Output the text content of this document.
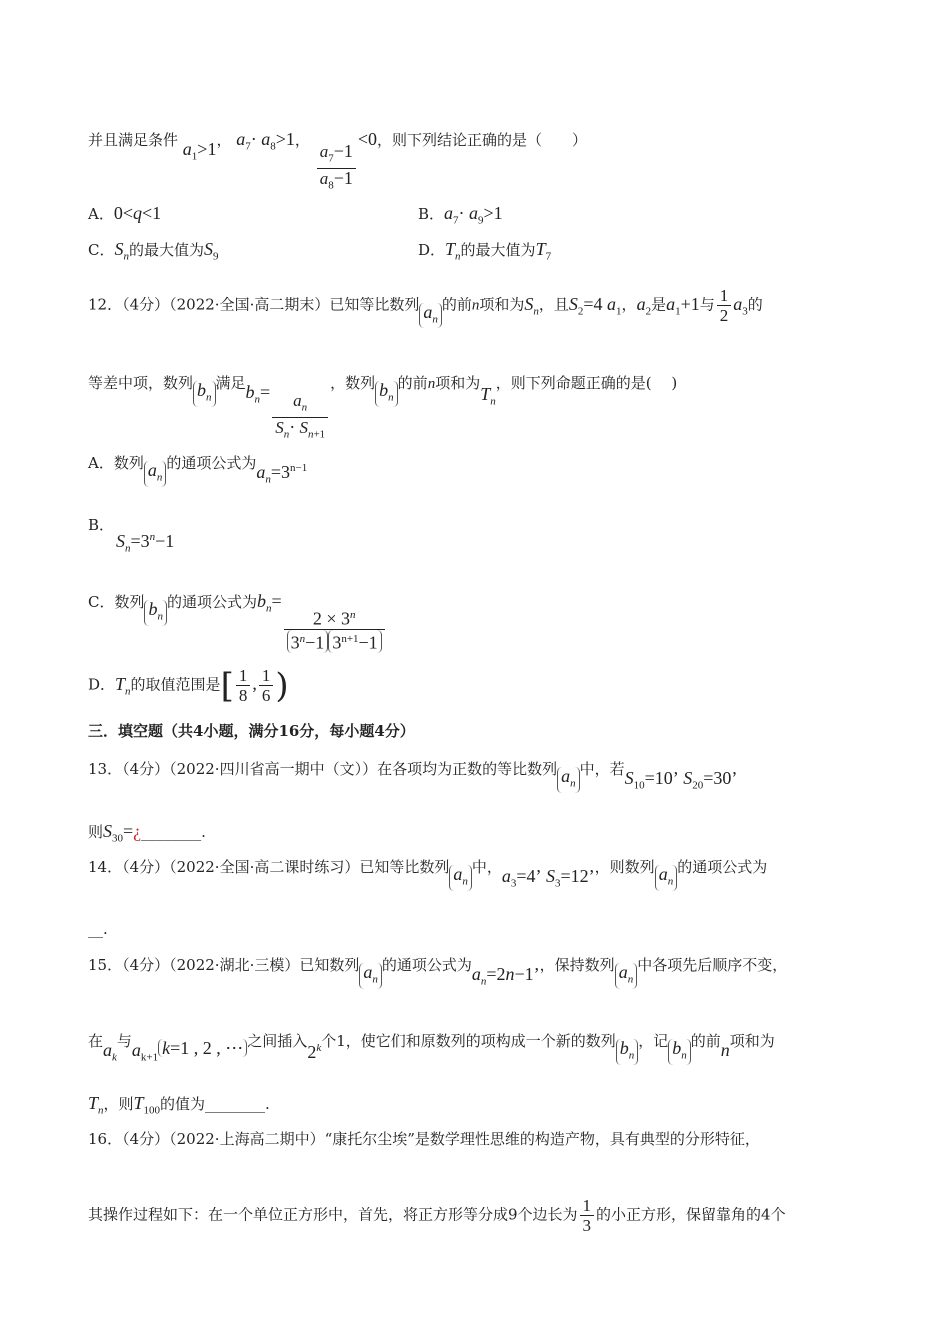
并且满足条件 $a_1>1$， $a_7\cdot a_8>1$，
$\frac{a_7-1}{a_8-1}$
<0，则下列结论正确的是（　　）
A．0<q<1	B．$a_7\cdot a_9>1$
C．$S_n$的最大值为$S_9$	D．$T_n$的最大值为$T_7$
12．（4分）（2022·全国·高二期末）已知等比数列 $a_n$的前n项和为$S_n$，且$S_2=4$ $a_1$，$a_2$是$a_1+1$与 $\frac{1}{2} a_3$的
等差中项，数列 $b_n$满足$b_n= \frac{a_n}{S_n\cdot S_{n+1}}$
，数列 $b_n$的前n项和为$T_n$，则下列命题正确的是(　 )
A．数列 $a_n$的通项公式为$a_n=3^{n-1}$
B．
$S_n=3^n-1$
C．数列 $b_n$的通项公式为$b_n=$
$\frac{2 \times 3^n}{3^n-1 3^{n+1}-1}$
D．$T_n$的取值范围是[ $\frac{1}{8}$ , $\frac{1}{6}$ )
三．填空题（共4小题，满分16分，每小题4分）
13．（4分）（2022·四川省高一期中（文））在各项均为正数的等比数列 $a_n$中，若$S_{10}=10$’ $S_{20}=30$’
则$S_{30}=¿\_\_\_\_\_\_\_\_$.
14．（4分）（2022·全国·高二课时练习）已知等比数列 $a_n$中，$a_3=4$’ $S_3=12$’，则数列 $a_n$的通项公式为
__.
15．（4分）（2022·湖北·三模）已知数列 $a_n$的通项公式为$a_n=2n-1$’，保持数列 $a_n$中各项先后顺序不变，
在$a_k$与$a_{k+1}$ k=1 , 2 , ⋯ 之间插入2$^k$个1，使它们和原数列的项构成一个新的数列 $b_n$，记 $b_n$的前n项和为
$T_n$，则$T_{100}$的值为________.
16．（4分）（2022·上海高二期中）“康托尔尘埃”是数学理性思维的构造产物，具有典型的分形特征，
其操作过程如下：在一个单位正方形中，首先，将正方形等分成9个边长为 $\frac{1}{3}$ 的小正方形，保留靠角的4个
